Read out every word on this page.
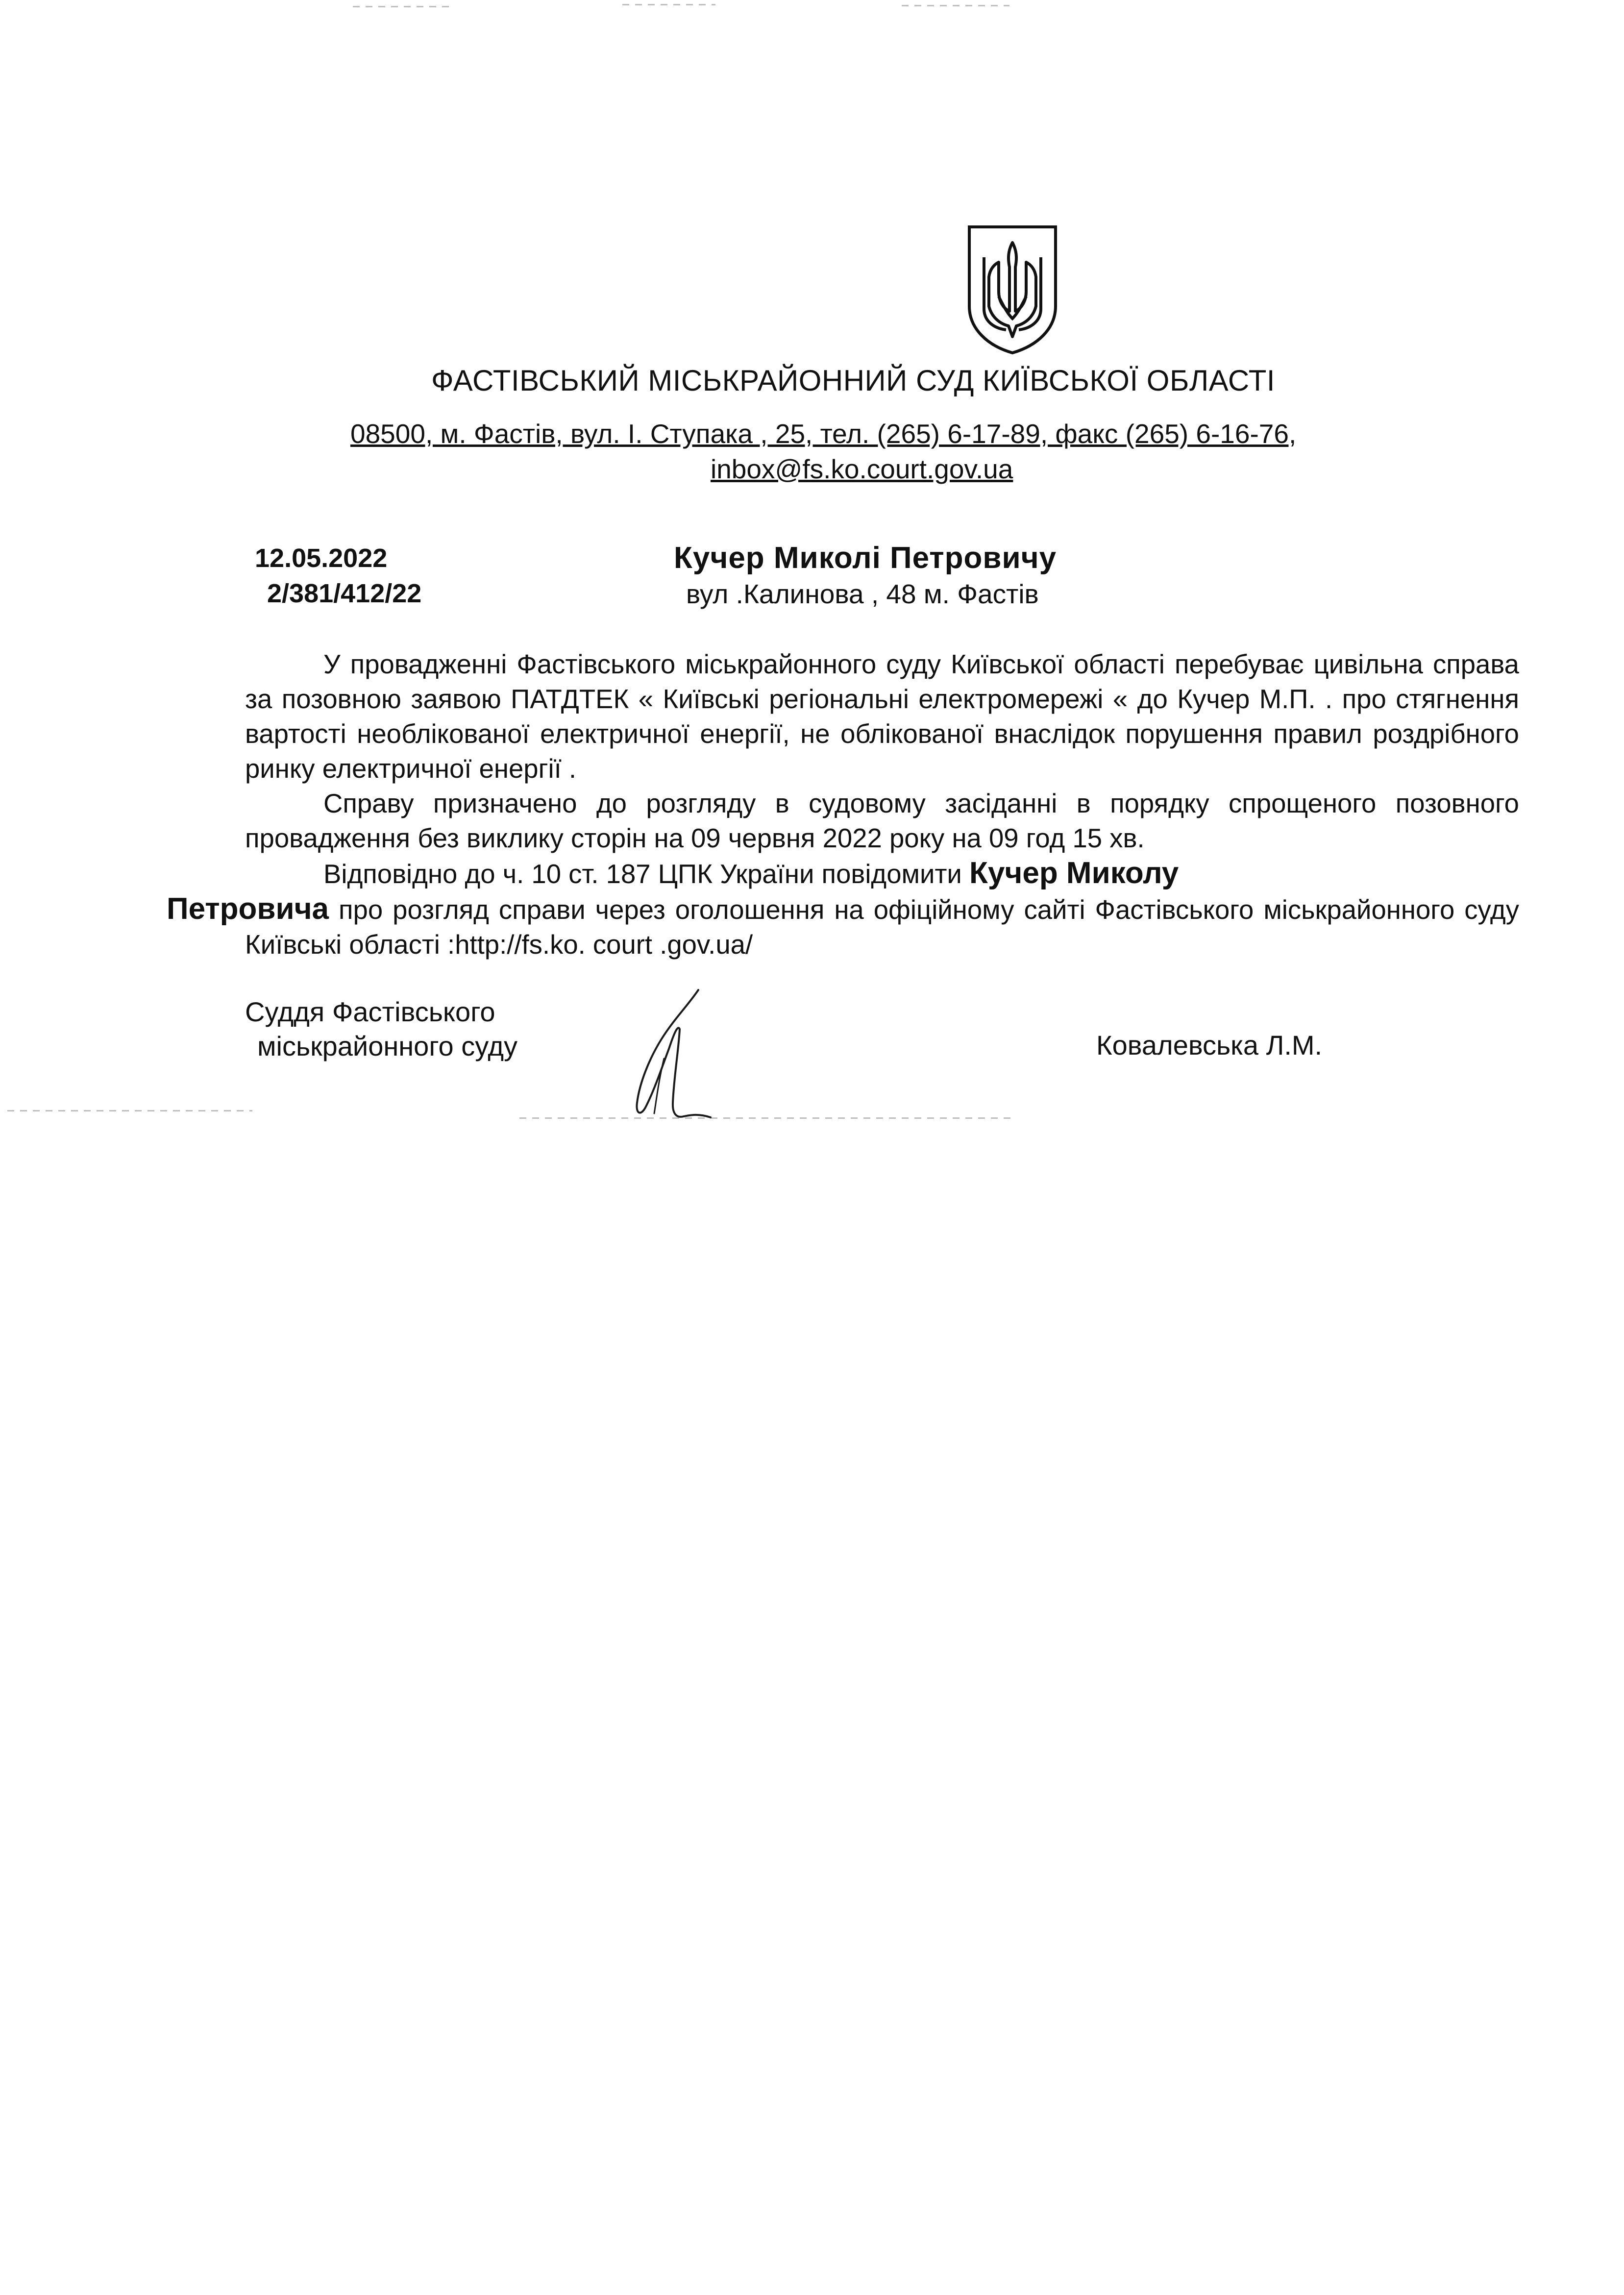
ФАСТІВСЬКИЙ МІСЬКРАЙОННИЙ СУД КИЇВСЬКОЇ ОБЛАСТІ
08500, м. Фастів, вул. І. Ступака , 25, тел. (265) 6-17-89, факс (265) 6-16-76,
inbox@fs.ko.court.gov.ua
12.05.2022
2/381/412/22
Кучер Миколі Петровичу
вул .Калинова , 48 м. Фастів

У провадженні Фастівського міськрайонного суду Київської області перебуває цивільна справа за позовною заявою ПАТДТЕК « Київські регіональні електромережі « до Кучер М.П. . про стягнення вартості необлікованої електричної енергії, не облікованої внаслідок порушення правил роздрібного ринку електричної енергії .

Справу призначено до розгляду в судовому засіданні в порядку спрощеного позовного провадження без виклику сторін на 09 червня 2022 року на 09 год 15 хв.

Відповідно до ч. 10 ст. 187 ЦПК України повідомити Кучер Миколу
Петровича про розгляд справи через оголошення на офіційному сайті Фастівського міськрайонного суду Київські області :http://fs.ko. court .gov.ua/

Суддя Фастівського
міськрайонного суду	Ковалевська Л.М.
